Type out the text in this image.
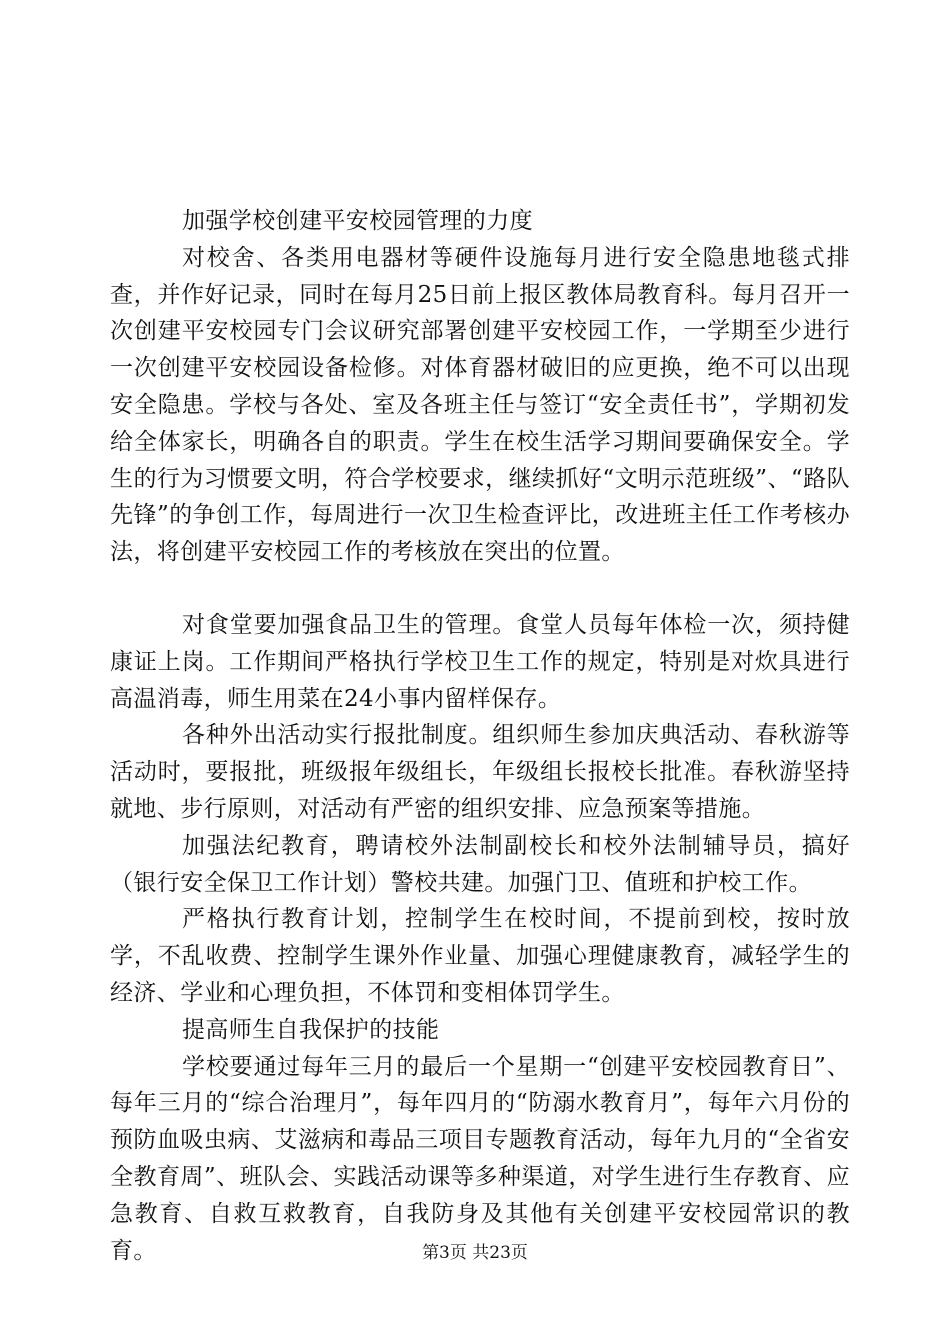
加强学校创建平安校园管理的力度

对校舍、各类用电器材等硬件设施每月进行安全隐患地毯式排查，并作好记录，同时在每月25日前上报区教体局教育科。每月召开一次创建平安校园专门会议研究部署创建平安校园工作，一学期至少进行一次创建平安校园设备检修。对体育器材破旧的应更换，绝不可以出现安全隐患。学校与各处、室及各班主任与签订“安全责任书”，学期初发给全体家长，明确各自的职责。学生在校生活学习期间要确保安全。学生的行为习惯要文明，符合学校要求，继续抓好“文明示范班级”、“路队先锋”的争创工作，每周进行一次卫生检查评比，改进班主任工作考核办法，将创建平安校园工作的考核放在突出的位置。

对食堂要加强食品卫生的管理。食堂人员每年体检一次，须持健康证上岗。工作期间严格执行学校卫生工作的规定，特别是对炊具进行高温消毒，师生用菜在24小事内留样保存。

各种外出活动实行报批制度。组织师生参加庆典活动、春秋游等活动时，要报批，班级报年级组长，年级组长报校长批准。春秋游坚持就地、步行原则，对活动有严密的组织安排、应急预案等措施。

加强法纪教育，聘请校外法制副校长和校外法制辅导员，搞好（银行安全保卫工作计划）警校共建。加强门卫、值班和护校工作。

严格执行教育计划，控制学生在校时间，不提前到校，按时放学，不乱收费、控制学生课外作业量、加强心理健康教育，减轻学生的经济、学业和心理负担，不体罚和变相体罚学生。

提高师生自我保护的技能

学校要通过每年三月的最后一个星期一“创建平安校园教育日”、每年三月的“综合治理月”，每年四月的“防溺水教育月”，每年六月份的预防血吸虫病、艾滋病和毒品三项目专题教育活动，每年九月的“全省安全教育周”、班队会、实践活动课等多种渠道，对学生进行生存教育、应急教育、自救互救教育，自我防身及其他有关创建平安校园常识的教育。	第3页 共23页
